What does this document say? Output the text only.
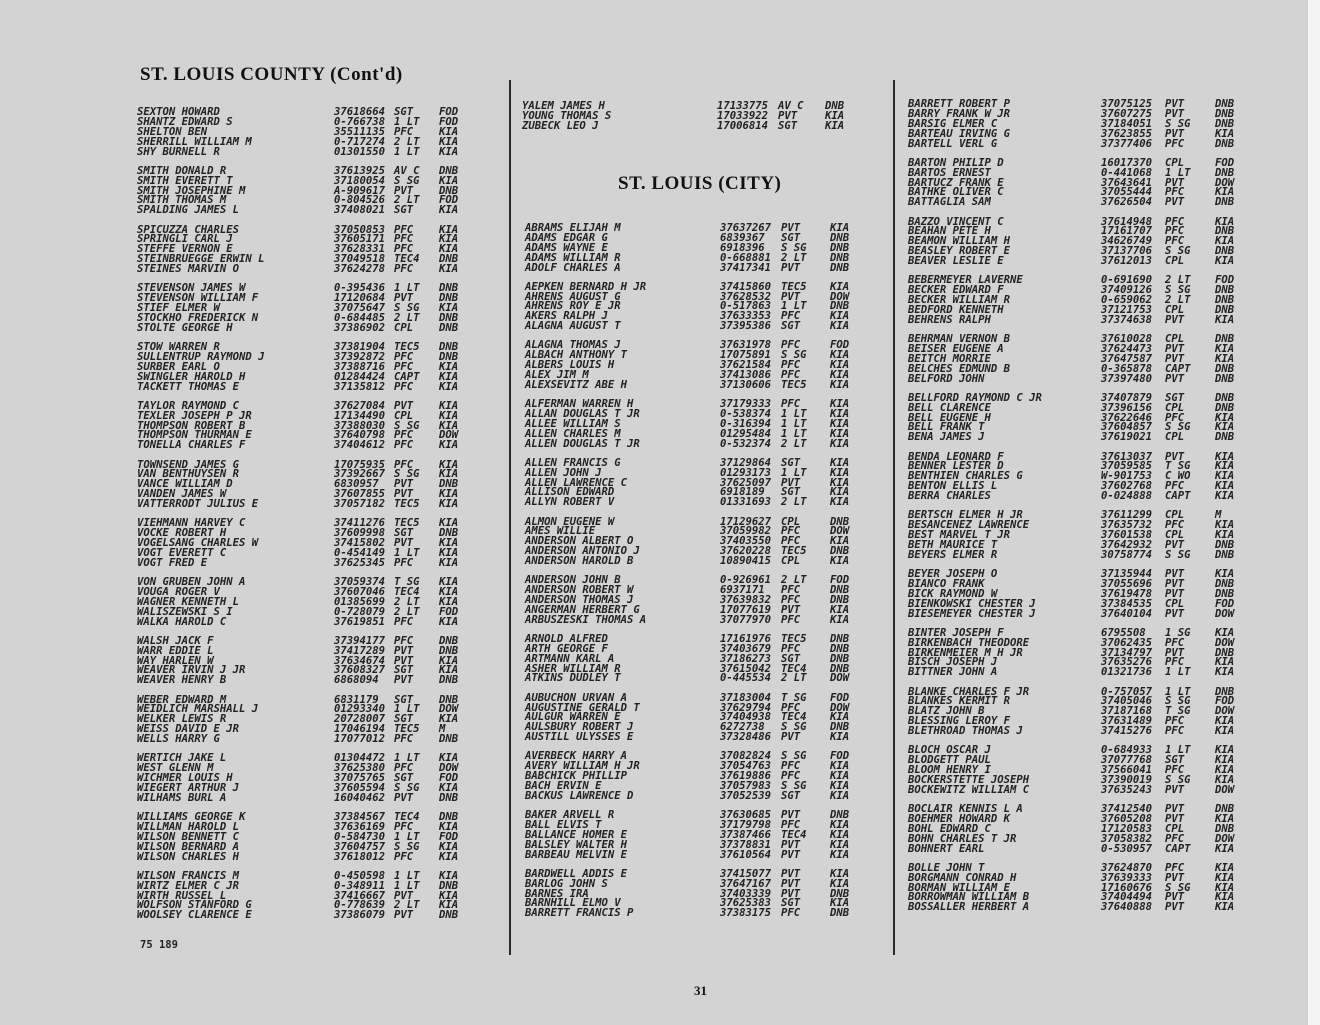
ST. LOUIS COUNTY (Cont'd)
ST. LOUIS (CITY)
SEXTON HOWARD	37618664 SGT FOD
SHANTZ EDWARD S	0-766738 1 LT FOD
SHELTON BEN	35511135 PFC KIA
SHERRILL WILLIAM M	0-717274 2 LT KIA
SHY BURNELL R	01301550 1 LT KIA
SMITH DONALD R	37613925 AV C DNB
SMITH EVERETT T	37180054 S SG KIA
SMITH JOSEPHINE M	A-909617 PVT DNB
SMITH THOMAS M	0-804526 2 LT FOD
SPALDING JAMES L	37408021 SGT KIA
SPICUZZA CHARLES	37050853 PFC KIA
SPRINGLI CARL J	37605171 PFC KIA
STEFFE VERNON E	37628331 PFC KIA
STEINBRUEGGE ERWIN L	37049518 TEC4 DNB
STEINES MARVIN O	37624278 PFC KIA
STEVENSON JAMES W	0-395436 1 LT DNB
STEVENSON WILLIAM F	17120684 PVT DNB
STIEF ELMER W	37075647 S SG KIA
STOCKHO FREDERICK N	0-684485 2 LT DNB
STOLTE GEORGE H	37386902 CPL DNB
STOW WARREN R	37381904 TEC5 DNB
SULLENTRUP RAYMOND J	37392872 PFC DNB
SURBER EARL O	37388716 PFC KIA
SWINGLER HAROLD H	01284424 CAPT KIA
TACKETT THOMAS E	37135812 PFC KIA
TAYLOR RAYMOND C	37627084 PVT KIA
TEXLER JOSEPH P JR	17134490 CPL KIA
THOMPSON ROBERT B	37388030 S SG KIA
THOMPSON THURMAN E	37640798 PFC DOW
TONELLA CHARLES F	37404612 PFC KIA
TOWNSEND JAMES G	17075935 PFC KIA
VAN BENTHUYSEN R	37392667 S SG KIA
VANCE WILLIAM D	6830957 PVT DNB
VANDEN JAMES W	37607855 PVT KIA
VATTERRODT JULIUS E	37057182 TEC5 KIA
VIEHMANN HARVEY C	37411276 TEC5 KIA
VOCKE ROBERT H	37609998 SGT DNB
VOGELSANG CHARLES W	37415802 PVT KIA
VOGT EVERETT C	0-454149 1 LT KIA
VOGT FRED E	37625345 PFC KIA
VON GRUBEN JOHN A	37059374 T SG KIA
VOUGA ROGER V	37607046 TEC4 KIA
WAGNER KENNETH L	01385699 2 LT KIA
WALISZEWSKI S I	0-728079 2 LT FOD
WALKA HAROLD C	37619851 PFC KIA
WALSH JACK F	37394177 PFC DNB
WARR EDDIE L	37417289 PVT DNB
WAY HARLEN W	37634674 PVT KIA
WEAVER IRVIN J JR	37608327 SGT KIA
WEAVER HENRY B	6868094 PVT DNB
WEBER EDWARD M	6831179 SGT DNB
WEIDLICH MARSHALL J	01293340 1 LT DOW
WELKER LEWIS R	20728007 SGT KIA
WEISS DAVID E JR	17046194 TEC5 M
WELLS HARRY G	17077012 PFC DNB
WERTICH JAKE L	01304472 1 LT KIA
WEST GLENN M	37625380 PFC DOW
WICHMER LOUIS H	37075765 SGT FOD
WIEGERT ARTHUR J	37605594 S SG KIA
WILHAMS BURL A	16040462 PVT DNB
WILLIAMS GEORGE K	37384567 TEC4 DNB
WILLMAN HAROLD L	37636169 PFC KIA
WILSON BENNETT C	0-584730 1 LT FOD
WILSON BERNARD A	37604757 S SG KIA
WILSON CHARLES H	37618012 PFC KIA
WILSON FRANCIS M	0-450598 1 LT KIA
WIRTZ ELMER C JR	0-348911 1 LT DNB
WIRTH RUSSEL L	37416667 PVT KIA
WOLFSON STANFORD G	0-778639 2 LT KIA
WOOLSEY CLARENCE E	37386079 PVT DNB
YALEM JAMES H	17133775 AV C DNB
YOUNG THOMAS S	17033922 PVT	KIA
ZUBECK LEO J	17006814 SGT	KIA
ABRAMS ELIJAH M	37637267 PVT	KIA
ADAMS EDGAR G	6839367 SGT	DNB
ADAMS WAYNE E	6918396 S SG DNB
ADAMS WILLIAM R	0-668881 2 LT DNB
ADOLF CHARLES A	37417341 PVT	DNB
AEPKEN BERNARD H JR	37415860 TEC5 KIA
AHRENS AUGUST G	37628532 PVT	DOW
AHRENS ROY E JR	0-517863 1 LT DNB
AKERS RALPH J	37633353 PFC	KIA
ALAGNA AUGUST T	37395386 SGT	KIA
ALAGNA THOMAS J	37631978 PFC	FOD
ALBACH ANTHONY T	17075891 S SG KIA
ALBERS LOUIS H	37621584 PFC	KIA
ALEX JIM M	37413086 PFC	KIA
ALEXSEVITZ ABE H	37130606 TEC5 KIA
ALFERMAN WARREN H	37179333 PFC	KIA
ALLAN DOUGLAS T JR	0-538374 1 LT KIA
ALLEE WILLIAM S	0-316394 1 LT KIA
ALLEN CHARLES M	01295484 1 LT KIA
ALLEN DOUGLAS T JR	0-532374 2 LT KIA
ALLEN FRANCIS G	37129864 SGT	KIA
ALLEN JOHN J	01293173 1 LT KIA
ALLEN LAWRENCE C	37625097 PVT	KIA
ALLISON EDWARD	6918189 SGT	KIA
ALLYN ROBERT V	01331693 2 LT KIA
ALMON EUGENE W	17129627 CPL	DNB
AMES WILLIE	37059982 PFC	DOW
ANDERSON ALBERT O	37403550 PFC	KIA
ANDERSON ANTONIO J	37620228 TEC5 DNB
ANDERSON HAROLD B	10890415 CPL	KIA
ANDERSON JOHN B	0-926961 2 LT FOD
ANDERSON ROBERT W	6937171 PFC	DNB
ANDERSON THOMAS J	37639832 PFC	DNB
ANGERMAN HERBERT G	17077619 PVT	KIA
ARBUSZESKI THOMAS A	37077970 PFC	KIA
ARNOLD ALFRED	17161976 TEC5 DNB
ARTH GEORGE F	37403679 PFC	DNB
ARTMANN KARL A	37186273 SGT	DNB
ASHER WILLIAM R	37615042 TEC4 DNB
ATKINS DUDLEY T	0-445534 2 LT DOW
AUBUCHON URVAN A	37183004 T SG FOD
AUGUSTINE GERALD T	37629794 PFC	DOW
AULGUR WARREN E	37404938 TEC4 KIA
AULSBURY ROBERT J	6272738 S SG DNB
AUSTILL ULYSSES E	37328486 PVT	KIA
AVERBECK HARRY A	37082824 S SG FOD
AVERY WILLIAM H JR	37054763 PFC	KIA
BABCHICK PHILLIP	37619886 PFC	KIA
BACH ERVIN E	37057983 S SG KIA
BACKUS LAWRENCE D	37052539 SGT	KIA
BAKER ARVELL R	37630685 PVT	DNB
BALL ELVIS T	37179798 PFC	KIA
BALLANCE HOMER E	37387466 TEC4 KIA
BALSLEY WALTER H	37378831 PVT	KIA
BARBEAU MELVIN E	37610564 PVT	KIA
BARDWELL ADDIS E	37415077 PVT	KIA
BARLOG JOHN S	37647167 PVT	KIA
BARNES IRA	37403339 PVT	DNB
BARNHILL ELMO V	37625383 SGT	KIA
BARRETT FRANCIS P	37383175 PFC	DNB
BARRETT ROBERT P	37075125 PVT	DNB
BARRY FRANK W JR	37607275 PVT	DNB
BARSIG ELMER C	37184051 S SG DNB
BARTEAU IRVING G	37623855 PVT	KIA
BARTELL VERL G	37377406 PFC	DNB
BARTON PHILIP D	16017370 CPL	FOD
BARTOS ERNEST	0-441068 1 LT DNB
BARTUCZ FRANK E	37643641 PVT	DOW
BATHKE OLIVER C	37055444 PFC	KIA
BATTAGLIA SAM	37626504 PVT	DNB
BAZZO VINCENT C	37614948 PFC	KIA
BEAHAN PETE H	17161707 PFC	DNB
BEAMON WILLIAM H	34626749 PFC	KIA
BEASLEY ROBERT E	37137706 S SG DNB
BEAVER LESLIE E	37612013 CPL	KIA
BEBERMEYER LAVERNE	0-691690 2 LT FOD
BECKER EDWARD F	37409126 S SG DNB
BECKER WILLIAM R	0-659062 2 LT DNB
BEDFORD KENNETH	37121753 CPL	DNB
BEHRENS RALPH	37374638 PVT	KIA
BEHRMAN VERNON B	37610028 CPL	DNB
BEISER EUGENE A	37624473 PVT	KIA
BEITCH MORRIE	37647587 PVT	KIA
BELCHES EDMUND B	0-365878 CAPT DNB
BELFORD JOHN	37397480 PVT	DNB
BELLFORD RAYMOND C JR	37407879 SGT	DNB
BELL CLARENCE	37396156 CPL	DNB
BELL EUGENE H	37622646 PFC	KIA
BELL FRANK T	37604857 S SG KIA
BENA JAMES J	37619021 CPL	DNB
BENDA LEONARD F	37613037 PVT	KIA
BENNER LESTER D	37059585 T SG KIA
BENTHIEN CHARLES G	W-901753 C WO KIA
BENTON ELLIS L	37602768 PFC	KIA
BERRA CHARLES	0-024888 CAPT KIA
BERTSCH ELMER H JR	37611299 CPL	M
BESANCENEZ LAWRENCE	37635732 PFC	KIA
BEST MARVEL T JR	37601538 CPL	KIA
BETH MAURICE T	37642932 PVT	DNB
BEYERS ELMER R	30758774 S SG DNB
BEYER JOSEPH O	37135944 PVT	KIA
BIANCO FRANK	37055696 PVT	DNB
BICK RAYMOND W	37619478 PVT	DNB
BIENKOWSKI CHESTER J	37384535 CPL	FOD
BIESEMEYER CHESTER J	37640104 PVT	DOW
BINTER JOSEPH F	6795508 1 SG KIA
BIRKENBACH THEODORE	37062435 PFC	DOW
BIRKENMEIER M H JR	37134797 PVT	DNB
BISCH JOSEPH J	37635276 PFC	KIA
BITTNER JOHN A	01321736 1 LT KIA
BLANKE CHARLES F JR	0-757057 1 LT DNB
BLANKES KERMIT R	37405046 S SG FOD
BLATZ JOHN B	37187168 T SG DOW
BLESSING LEROY F	37631489 PFC	KIA
BLETHROAD THOMAS J	37415276 PFC	KIA
BLOCH OSCAR J	0-684933 1 LT KIA
BLODGETT PAUL	37077768 SGT	KIA
BLOOM HENRY I	37566041 PFC	KIA
BOCKERSTETTE JOSEPH	37390019 S SG KIA
BOCKEWITZ WILLIAM C	37635243 PVT	DOW
BOCLAIR KENNIS L A	37412540 PVT	DNB
BOEHMER HOWARD K	37605208 PVT	KIA
BOHL EDWARD C	17120583 CPL	DNB
BOHN CHARLES T JR	37058382 PFC	DOW
BOHNERT EARL	0-530957 CAPT KIA
BOLLE JOHN T	37624870 PFC	KIA
BORGMANN CONRAD H	37639333 PVT	KIA
BORMAN WILLIAM E	17160676 S SG KIA
BORROWMAN WILLIAM B	37404494 PVT	KIA
BOSSALLER HERBERT A	37640888 PVT	KIA
75 189
31
